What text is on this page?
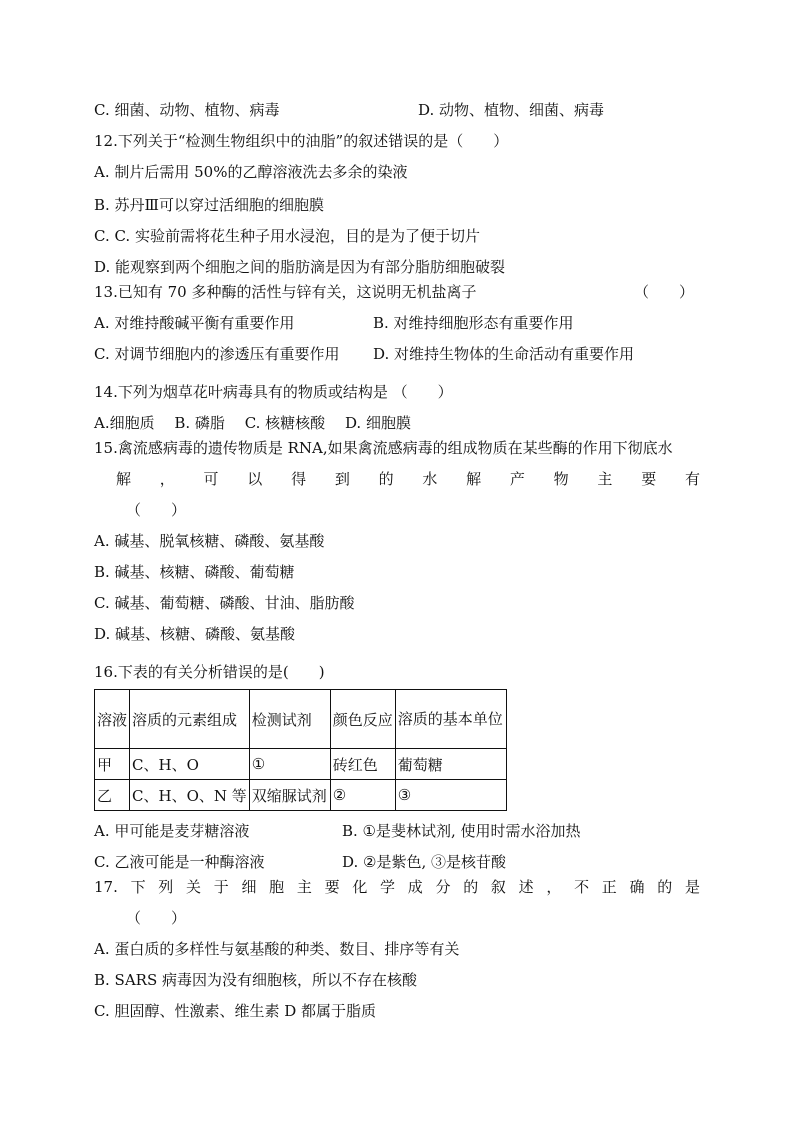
C. 细菌、动物、植物、病毒	D. 动物、植物、细菌、病毒
12.下列关于“检测生物组织中的油脂”的叙述错误的是（　　）
A. 制片后需用 50%的乙醇溶液洗去多余的染液
B. 苏丹Ⅲ可以穿过活细胞的细胞膜
C. C. 实验前需将花生种子用水浸泡，目的是为了便于切片
D. 能观察到两个细胞之间的脂肪滴是因为有部分脂肪细胞破裂
13.已知有 70 多种酶的活性与锌有关，这说明无机盐离子	（　　）
A. 对维持酸碱平衡有重要作用	B. 对维持细胞形态有重要作用
C. 对调节细胞内的渗透压有重要作用 D. 对维持生物体的生命活动有重要作用
14.下列为烟草花叶病毒具有的物质或结构是 （　　）
A.细胞质　 B. 磷脂　 C. 核糖核酸　 D. 细胞膜
15.禽流感病毒的遗传物质是 RNA,如果禽流感病毒的组成物质在某些酶的作用下彻底水
解 ， 可 以 得 到 的 水 解 产 物 主 要 有
（　　）
A. 碱基、脱氧核糖、磷酸、氨基酸
B. 碱基、核糖、磷酸、葡萄糖
C. 碱基、葡萄糖、磷酸、甘油、脂肪酸
D. 碱基、核糖、磷酸、氨基酸
16.下表的有关分析错误的是(　　)
溶液	溶质的元素组成	检测试剂	颜色反应	溶质的基本单位
甲	C、H、O	①	砖红色	葡萄糖
乙	C、H、O、N 等	双缩脲试剂	②	③
A. 甲可能是麦芽糖溶液	B. ①是斐林试剂, 使用时需水浴加热
C. 乙液可能是一种酶溶液	D. ②是紫色, ③是核苷酸
17. 下 列 关 于 细 胞 主 要 化 学 成 分 的 叙 述 ， 不 正 确 的 是
（　　）
A. 蛋白质的多样性与氨基酸的种类、数目、排序等有关
B. SARS 病毒因为没有细胞核，所以不存在核酸
C. 胆固醇、性激素、维生素 D 都属于脂质
